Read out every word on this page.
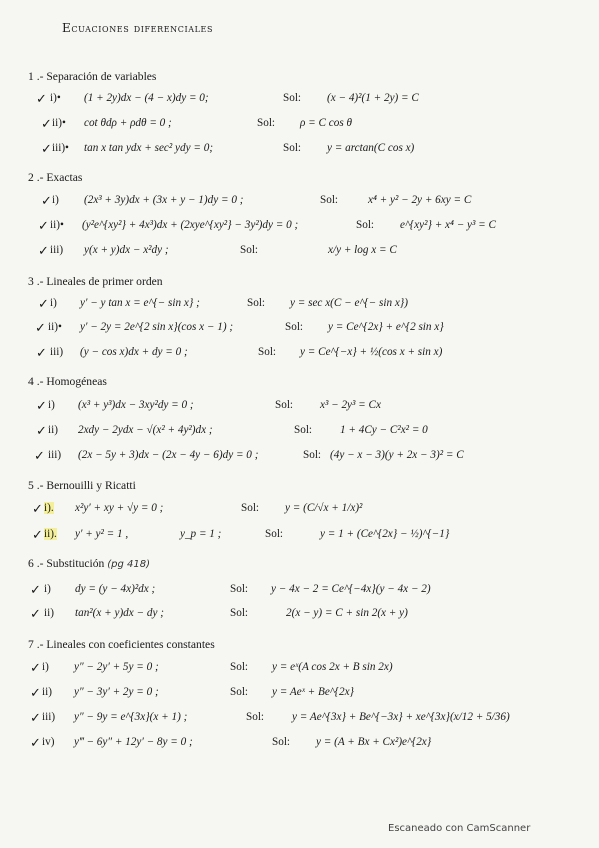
Ecuaciones diferenciales
1 .- Separación de variables
✓ i)• (1 + 2y)dx − (4 − x)dy = 0;	Sol: (x − 4)²(1 + 2y) = C
✓ ii)• cot θdρ + ρdθ = 0 ;	Sol: ρ = C cos θ
✓ iii)• tan x tan ydx + sec² ydy = 0;	Sol: y = arctan(C cos x)
2 .- Exactas
✓ i) (2x³ + 3y)dx + (3x + y − 1)dy = 0 ;	Sol:	x⁴ + y² − 2y + 6xy = C
✓ ii)• (y²e^{xy²} + 4x³)dx + (2xye^{xy²} − 3y²)dy = 0 ;	Sol: e^{xy²} + x⁴ − y³ = C
✓ iii) y(x + y)dx − x²dy ;	Sol:	x/y + log x = C
3 .- Lineales de primer orden
✓ i) y′ − y tan x = e^{− sin x} ;	Sol: y = sec x(C − e^{− sin x})
✓ ii)• y′ − 2y = 2e^{2 sin x}(cos x − 1) ;	Sol: y = Ce^{2x} + e^{2 sin x}
✓ iii) (y − cos x)dx + dy = 0 ;	Sol: y = Ce^{−x} + ½(cos x + sin x)
4 .- Homogéneas
✓ i) (x³ + y³)dx − 3xy²dy = 0 ;	Sol: x³ − 2y³ = Cx
✓ ii) 2xdy − 2ydx − √(x² + 4y²)dx ;	Sol: 1 + 4Cy − C²x² = 0
✓ iii) (2x − 5y + 3)dx − (2x − 4y − 6)dy = 0 ;	Sol: (4y − x − 3)(y + 2x − 3)² = C
5 .- Bernouilli y Ricatti
✓ i). x²y′ + xy + √y = 0 ;	Sol: y = (C/√x + 1/x)²
✓ ii). y′ + y² = 1 ,	y_p = 1 ;	Sol:	y = 1 + (Ce^{2x} − ½)^{−1}
6 .- Substitución (pg 418)
✓ i) dy = (y − 4x)²dx ;	Sol: y − 4x − 2 = Ce^{−4x}(y − 4x − 2)
✓ ii) tan²(x + y)dx − dy ;	Sol:	2(x − y) = C + sin 2(x + y)
7 .- Lineales con coeficientes constantes
✓ i) y″ − 2y′ + 5y = 0 ;	Sol: y = eˣ(A cos 2x + B sin 2x)
✓ ii) y″ − 3y′ + 2y = 0 ;	Sol: y = Aeˣ + Be^{2x}
✓ iii) y″ − 9y = e^{3x}(x + 1) ;	Sol: y = Ae^{3x} + Be^{−3x} + xe^{3x}(x/12 + 5/36)
✓ iv) y‴ − 6y″ + 12y′ − 8y = 0 ;	Sol: y = (A + Bx + Cx²)e^{2x}
Escaneado con CamScanner
